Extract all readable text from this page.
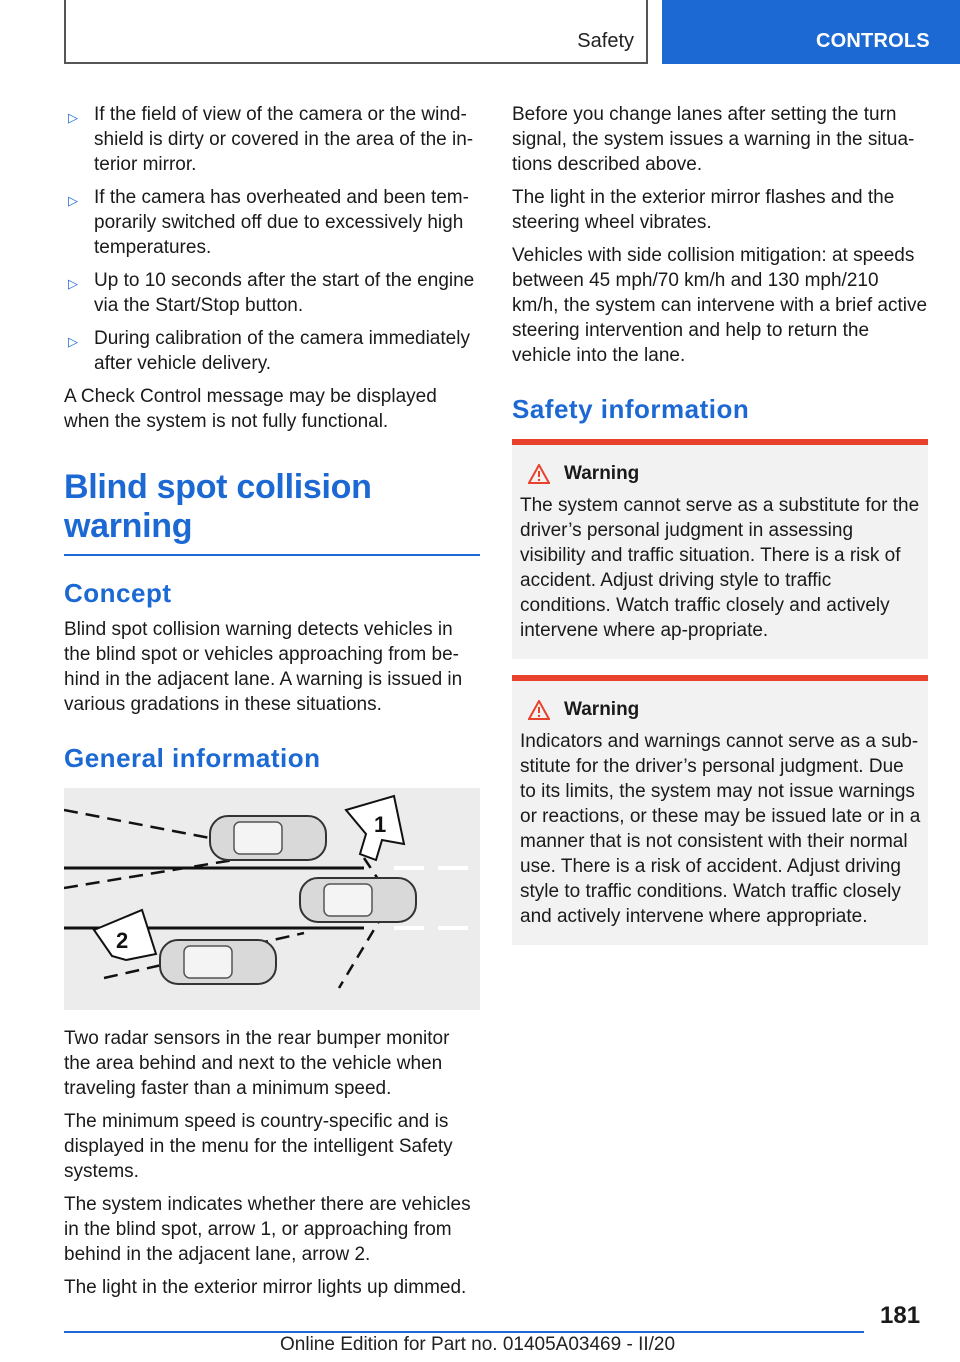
Safety	CONTROLS
▷ If the field of view of the camera or the wind‐shield is dirty or covered in the area of the in‐terior mirror.
▷ If the camera has overheated and been tem‐porarily switched off due to excessively high temperatures.
▷ Up to 10 seconds after the start of the engine via the Start/Stop button.
▷ During calibration of the camera immediately after vehicle delivery.

A Check Control message may be displayed when the system is not fully functional.

Blind spot collision warning
Concept

Blind spot collision warning detects vehicles in the blind spot or vehicles approaching from be‐hind in the adjacent lane. A warning is issued in various gradations in these situations.

General information
1
2

Two radar sensors in the rear bumper monitor the area behind and next to the vehicle when traveling faster than a minimum speed.

The minimum speed is country-specific and is displayed in the menu for the intelligent Safety systems.

The system indicates whether there are vehicles in the blind spot, arrow 1, or approaching from behind in the adjacent lane, arrow 2.

The light in the exterior mirror lights up dimmed.

Before you change lanes after setting the turn signal, the system issues a warning in the situa‐tions described above.

The light in the exterior mirror flashes and the steering wheel vibrates.

Vehicles with side collision mitigation: at speeds between 45 mph/70 km/h and 130 mph/210 km/h, the system can intervene with a brief active steering intervention and help to return the vehicle into the lane.

Safety information
Warning
The system cannot serve as a substitute for the driver’s personal judgment in assessing visibility and traffic situation. There is a risk of accident. Adjust driving style to traffic conditions. Watch traffic closely and actively intervene where ap‐propriate.
Warning
Indicators and warnings cannot serve as a sub‐stitute for the driver’s personal judgment. Due to its limits, the system may not issue warnings or reactions, or these may be issued late or in a manner that is not consistent with their normal use. There is a risk of accident. Adjust driving style to traffic conditions. Watch traffic closely and actively intervene where appropriate.
181
Online Edition for Part no. 01405A03469 - II/20
